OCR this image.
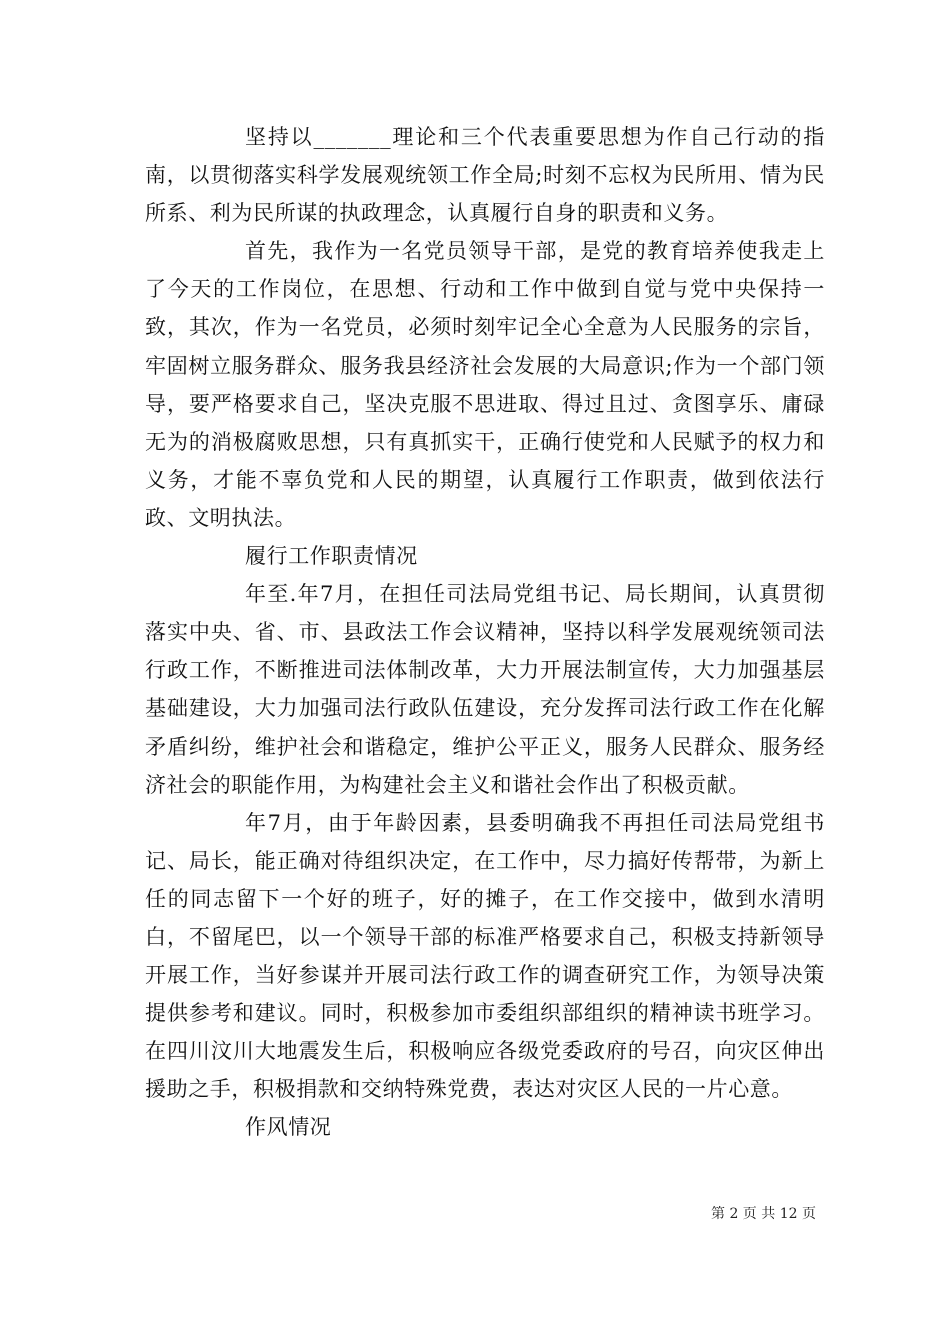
坚持以_______理论和三个代表重要思想为作自己行动的指南，以贯彻落实科学发展观统领工作全局;时刻不忘权为民所用、情为民所系、利为民所谋的执政理念，认真履行自身的职责和义务。

首先，我作为一名党员领导干部，是党的教育培养使我走上了今天的工作岗位，在思想、行动和工作中做到自觉与党中央保持一致，其次，作为一名党员，必须时刻牢记全心全意为人民服务的宗旨，牢固树立服务群众、服务我县经济社会发展的大局意识;作为一个部门领导，要严格要求自己，坚决克服不思进取、得过且过、贪图享乐、庸碌无为的消极腐败思想，只有真抓实干，正确行使党和人民赋予的权力和义务，才能不辜负党和人民的期望，认真履行工作职责，做到依法行政、文明执法。

履行工作职责情况

年至.年7月，在担任司法局党组书记、局长期间，认真贯彻落实中央、省、市、县政法工作会议精神，坚持以科学发展观统领司法行政工作，不断推进司法体制改革，大力开展法制宣传，大力加强基层基础建设，大力加强司法行政队伍建设，充分发挥司法行政工作在化解矛盾纠纷，维护社会和谐稳定，维护公平正义，服务人民群众、服务经济社会的职能作用，为构建社会主义和谐社会作出了积极贡献。

年7月，由于年龄因素，县委明确我不再担任司法局党组书记、局长，能正确对待组织决定，在工作中，尽力搞好传帮带，为新上任的同志留下一个好的班子，好的摊子，在工作交接中，做到水清明白，不留尾巴，以一个领导干部的标准严格要求自己，积极支持新领导开展工作，当好参谋并开展司法行政工作的调查研究工作，为领导决策提供参考和建议。同时，积极参加市委组织部组织的精神读书班学习。在四川汶川大地震发生后，积极响应各级党委政府的号召，向灾区伸出援助之手，积极捐款和交纳特殊党费，表达对灾区人民的一片心意。

作风情况

第 2 页 共 12 页
